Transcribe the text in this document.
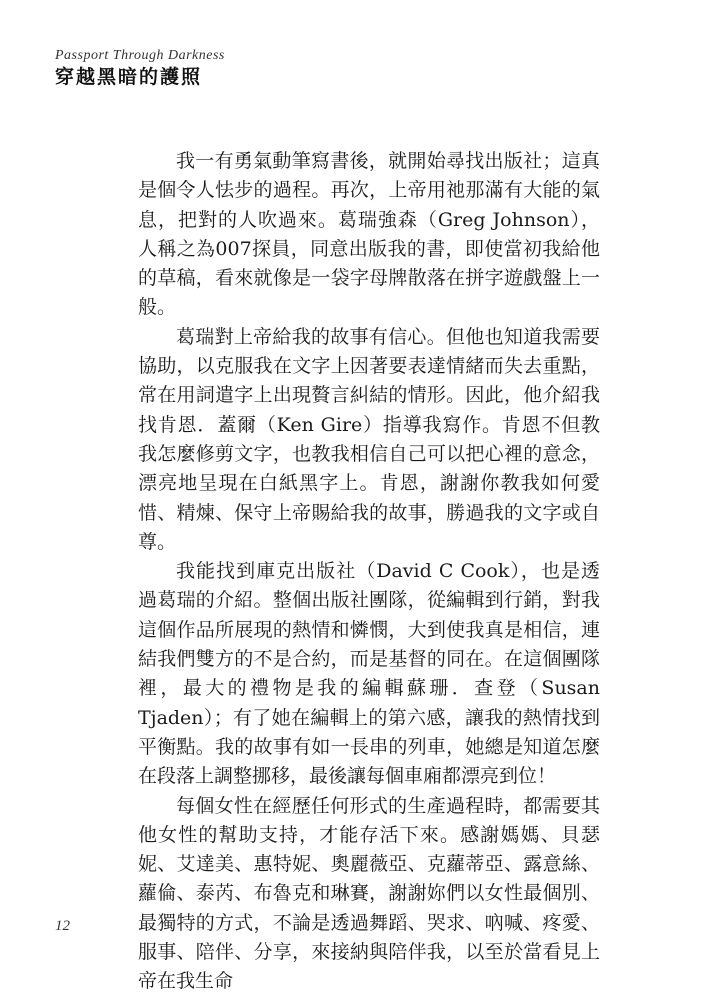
Passport Through Darkness
穿越黑暗的護照

我一有勇氣動筆寫書後，就開始尋找出版社；這真是個令人怯步的過程。再次，上帝用祂那滿有大能的氣息，把對的人吹過來。葛瑞強森（Greg Johnson），人稱之為007探員，同意出版我的書，即使當初我給他的草稿，看來就像是一袋字母牌散落在拼字遊戲盤上一般。

葛瑞對上帝給我的故事有信心。但他也知道我需要協助，以克服我在文字上因著要表達情緒而失去重點，常在用詞遣字上出現贅言糾結的情形。因此，他介紹我找肯恩．蓋爾（Ken Gire）指導我寫作。肯恩不但教我怎麼修剪文字，也教我相信自己可以把心裡的意念，漂亮地呈現在白紙黑字上。肯恩，謝謝你教我如何愛惜、精煉、保守上帝賜給我的故事，勝過我的文字或自尊。

我能找到庫克出版社（David C Cook），也是透過葛瑞的介紹。整個出版社團隊，從編輯到行銷，對我這個作品所展現的熱情和憐憫，大到使我真是相信，連結我們雙方的不是合約，而是基督的同在。在這個團隊裡，最大的禮物是我的編輯蘇珊．查登（Susan Tjaden）；有了她在編輯上的第六感，讓我的熱情找到平衡點。我的故事有如一長串的列車，她總是知道怎麼在段落上調整挪移，最後讓每個車廂都漂亮到位！

每個女性在經歷任何形式的生產過程時，都需要其他女性的幫助支持，才能存活下來。感謝媽媽、貝瑟妮、艾達美、惠特妮、奧麗薇亞、克蘿蒂亞、露意絲、蘿倫、泰芮、布魯克和琳賽，謝謝妳們以女性最個別、最獨特的方式，不論是透過舞蹈、哭求、吶喊、疼愛、服事、陪伴、分享，來接納與陪伴我，以至於當看見上帝在我生命

12
